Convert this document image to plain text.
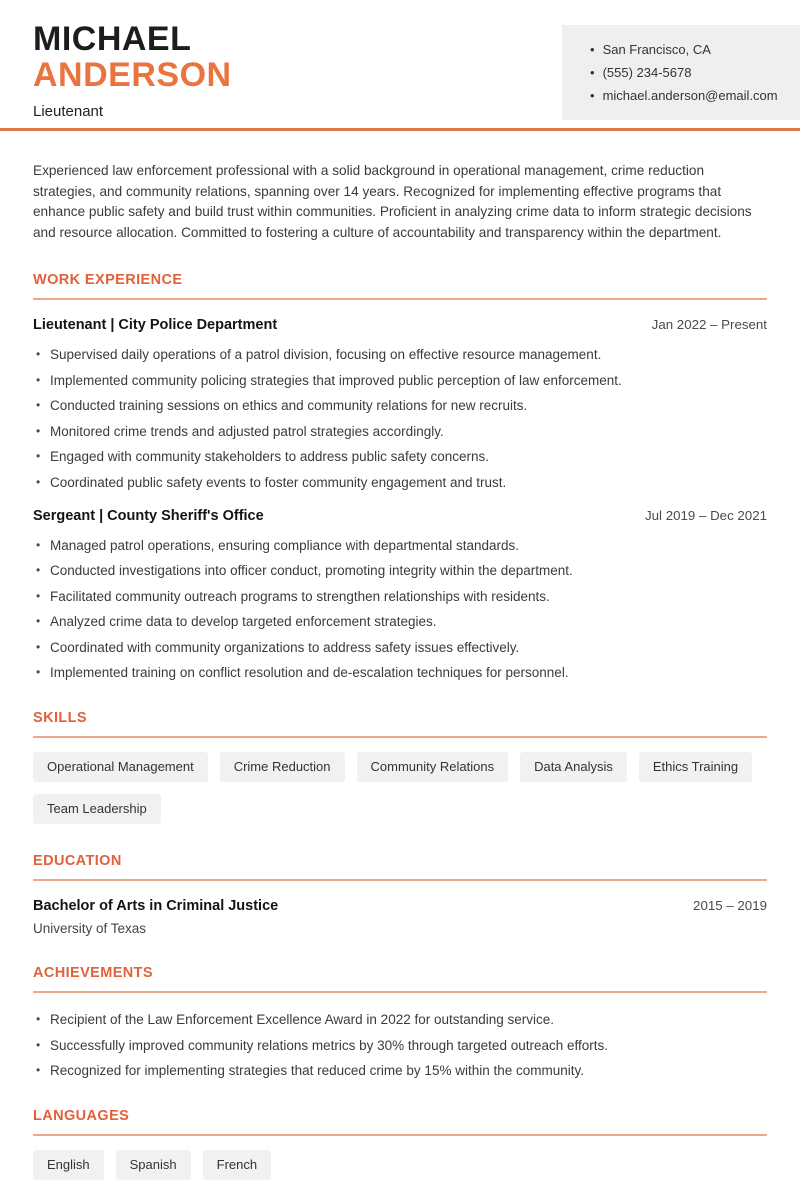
MICHAEL
ANDERSON
Lieutenant
• San Francisco, CA
• (555) 234-5678
• michael.anderson@email.com

Experienced law enforcement professional with a solid background in operational management, crime reduction strategies, and community relations, spanning over 14 years. Recognized for implementing effective programs that enhance public safety and build trust within communities. Proficient in analyzing crime data to inform strategic decisions and resource allocation. Committed to fostering a culture of accountability and transparency within the department.

WORK EXPERIENCE
Lieutenant | City Police Department	Jan 2022 – Present
• Supervised daily operations of a patrol division, focusing on effective resource management.
• Implemented community policing strategies that improved public perception of law enforcement.
• Conducted training sessions on ethics and community relations for new recruits.
• Monitored crime trends and adjusted patrol strategies accordingly.
• Engaged with community stakeholders to address public safety concerns.
• Coordinated public safety events to foster community engagement and trust.
Sergeant | County Sheriff's Office	Jul 2019 – Dec 2021
• Managed patrol operations, ensuring compliance with departmental standards.
• Conducted investigations into officer conduct, promoting integrity within the department.
• Facilitated community outreach programs to strengthen relationships with residents.
• Analyzed crime data to develop targeted enforcement strategies.
• Coordinated with community organizations to address safety issues effectively.
• Implemented training on conflict resolution and de-escalation techniques for personnel.
SKILLS
Operational Management	Crime Reduction	Community Relations	Data Analysis	Ethics Training
Team Leadership
EDUCATION
Bachelor of Arts in Criminal Justice	2015 – 2019
University of Texas
ACHIEVEMENTS
• Recipient of the Law Enforcement Excellence Award in 2022 for outstanding service.
• Successfully improved community relations metrics by 30% through targeted outreach efforts.
• Recognized for implementing strategies that reduced crime by 15% within the community.
LANGUAGES
English	Spanish	French
